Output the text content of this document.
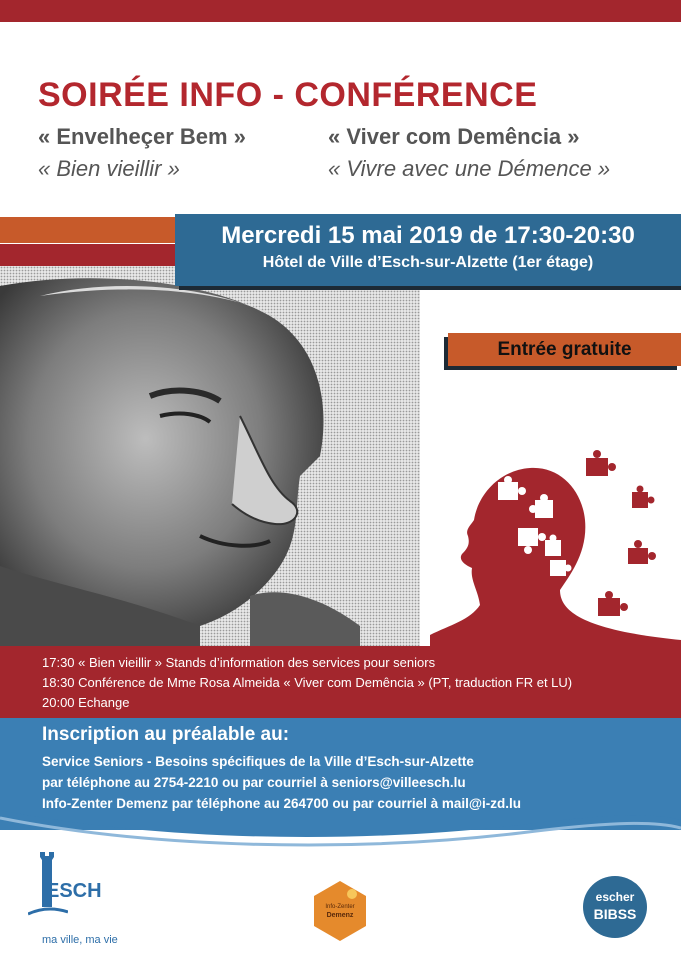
SOIRÉE INFO - CONFÉRENCE
« Envelheçer Bem »
« Bien vieillir »
« Viver com Demência »
« Vivre avec une Démence »
Mercredi 15 mai 2019 de 17:30-20:30
Hôtel de Ville d’Esch-sur-Alzette (1er étage)
Entrée gratuite
17:30 « Bien vieillir » Stands d’information des services pour seniors
18:30 Conférence de Mme Rosa Almeida « Viver com Demência » (PT, traduction FR et LU)
20:00 Echange
Inscription au préalable au:
Service Seniors - Besoins spécifiques de la Ville d’Esch-sur-Alzette
par téléphone au 2754-2210 ou par courriel à seniors@villeesch.lu
Info-Zenter Demenz par téléphone au 264700 ou par courriel à mail@i-zd.lu
ESCH
ma ville, ma vie
Info-Zenter
Demenz
escher
BIBSS
